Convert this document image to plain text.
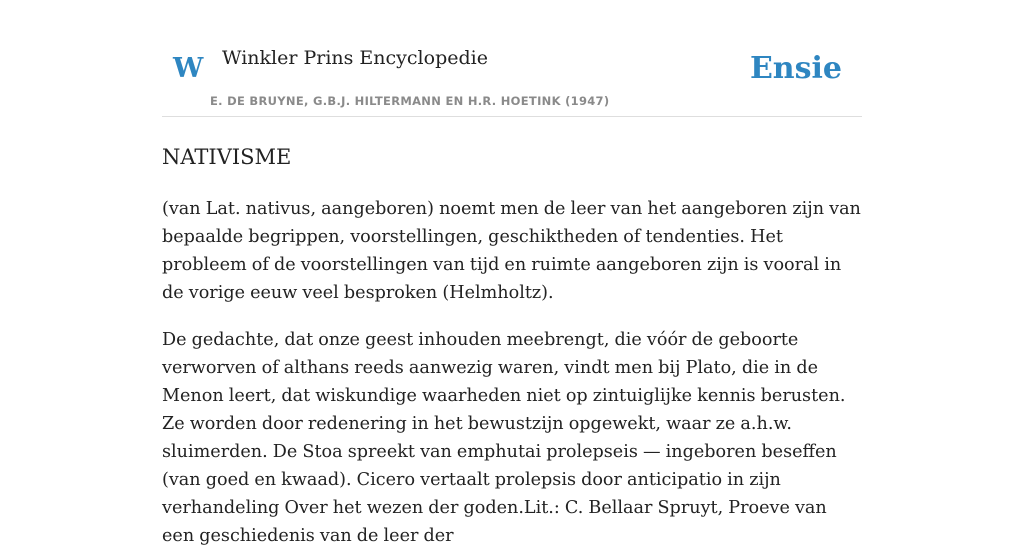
W Winkler Prins Encyclopedie
E. DE BRUYNE, G.B.J. HILTERMANN EN H.R. HOETINK (1947)
Ensie
NATIVISME

(van Lat. nativus, aangeboren) noemt men de leer van het aangeboren zijn van bepaalde begrippen, voorstellingen, geschiktheden of tendenties. Het probleem of de voorstellingen van tijd en ruimte aangeboren zijn is vooral in de vorige eeuw veel besproken (Helmholtz).

De gedachte, dat onze geest inhouden meebrengt, die vóór de geboorte verworven of althans reeds aanwezig waren, vindt men bij Plato, die in de Menon leert, dat wiskundige waarheden niet op zintuiglijke kennis berusten. Ze worden door redenering in het bewustzijn opgewekt, waar ze a.h.w. sluimerden. De Stoa spreekt van emphutai prolepseis — ingeboren beseffen (van goed en kwaad). Cicero vertaalt prolepsis door anticipatio in zijn verhandeling Over het wezen der goden.Lit.: C. Bellaar Spruyt, Proeve van een geschiedenis van de leer der
